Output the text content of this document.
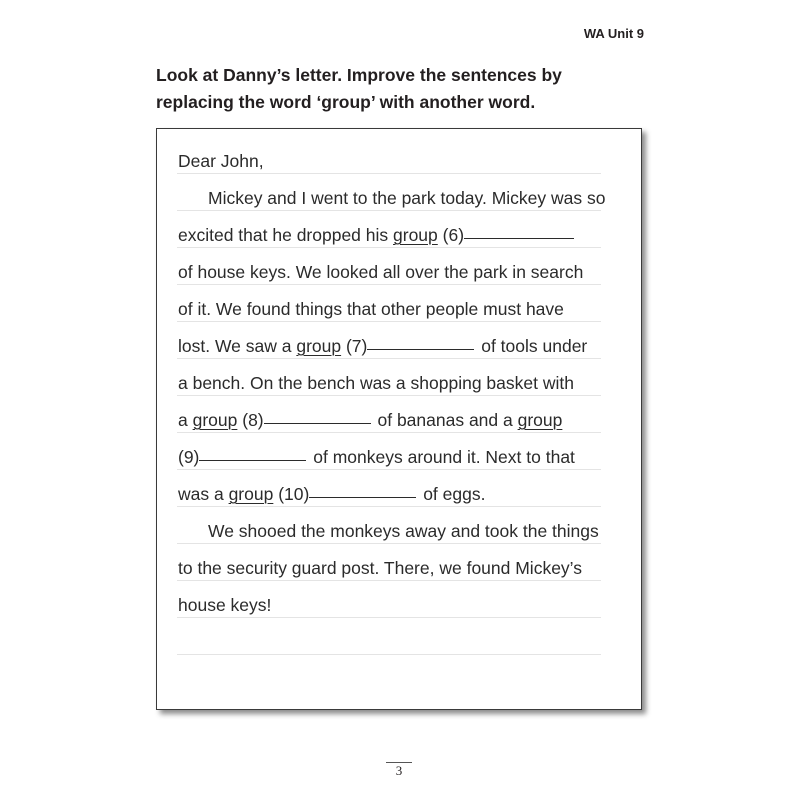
WA Unit 9
Look at Danny’s letter. Improve the sentences by
replacing the word ‘group’ with another word.
Dear John,
Mickey and I went to the park today. Mickey was so
excited that he dropped his group (6)
of house keys. We looked all over the park in search
of it. We found things that other people must have
lost. We saw a group (7)	of tools under
a bench. On the bench was a shopping basket with
a group (8)	of bananas and a group
(9)	of monkeys around it. Next to that
was a group (10)	of eggs.
We shooed the monkeys away and took the things
to the security guard post. There, we found Mickey’s
house keys!
3
